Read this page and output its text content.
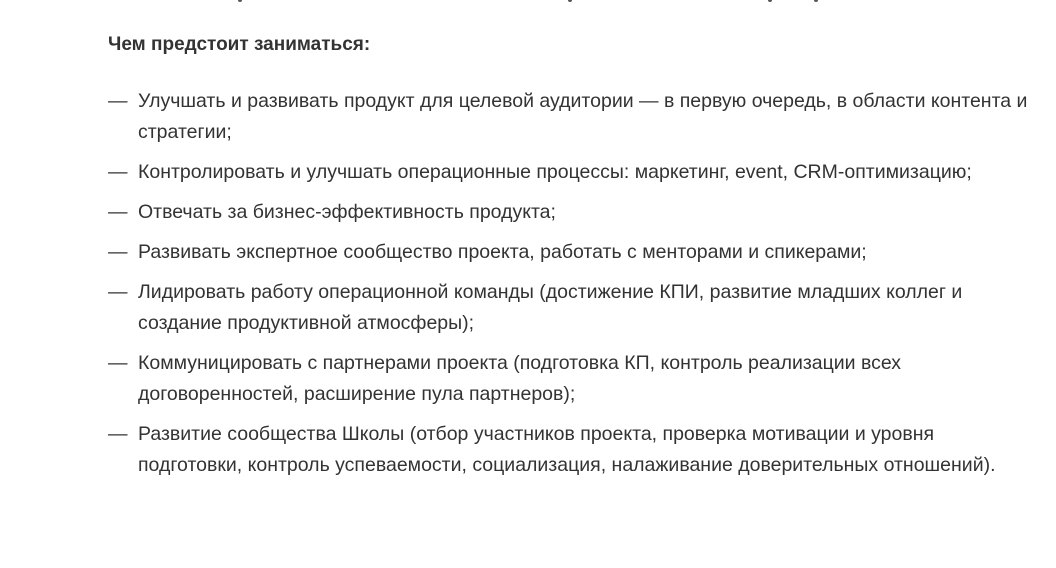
Чем предстоит заниматься:
— Улучшать и развивать продукт для целевой аудитории — в первую очередь, в области контента и стратегии;
— Контролировать и улучшать операционные процессы: маркетинг, event, CRM-оптимизацию;
— Отвечать за бизнес-эффективность продукта;
— Развивать экспертное сообщество проекта, работать с менторами и спикерами;
— Лидировать работу операционной команды (достижение КПИ, развитие младших коллег и создание продуктивной атмосферы);
— Коммуницировать с партнерами проекта (подготовка КП, контроль реализации всех договоренностей, расширение пула партнеров);
— Развитие сообщества Школы (отбор участников проекта, проверка мотивации и уровня подготовки, контроль успеваемости, социализация, налаживание доверительных отношений).
